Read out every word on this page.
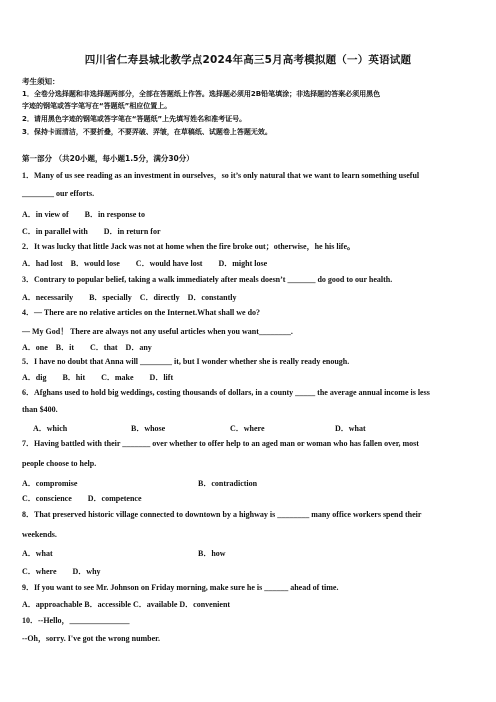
四川省仁寿县城北教学点2024年高三5月高考模拟题（一）英语试题
考生须知：
1．全卷分选择题和非选择题两部分，全部在答题纸上作答。选择题必须用2B铅笔填涂；非选择题的答案必须用黑色
字迹的钢笔或答字笔写在“答题纸”相应位置上。
2．请用黑色字迹的钢笔或答字笔在“答题纸”上先填写姓名和准考证号。
3．保持卡面清洁，不要折叠，不要弄破、弄皱，在草稿纸、试题卷上答题无效。
第一部分 （共20小题，每小题1.5分，满分30分）
1．Many of us see reading as an investment in ourselves，so it’s only natural that we want to learn something useful
________ our efforts.
A．in view of　　B．in response to
C．in parallel with　　D．in return for
2．It was lucky that little Jack was not at home when the fire broke out；otherwise，he his life。
A．had lost　B．would lose　　C．would have lost　　D．might lose
3．Contrary to popular belief, taking a walk immediately after meals doesn’t _______ do good to our health.
A．necessarily　　B．specially　C．directly　D．constantly
4．— There are no relative articles on the Internet.What shall we do?
— My God！ There are always not any useful articles when you want________.
A．one　B．it　　C．that　D．any
5．I have no doubt that Anna will ________ it, but I wonder whether she is really ready enough.
A．dig　　B．hit　　C．make　　D．lift
6．Afghans used to hold big weddings, costing thousands of dollars, in a county _____ the average annual income is less
than $400.
A．which	B．whose	C．where	D．what
7．Having battled with their _______ over whether to offer help to an aged man or woman who has fallen over, most
people choose to help.
A．compromise	B．contradiction
C．conscience　　D．competence
8．That preserved historic village connected to downtown by a highway is ________ many office workers spend their
weekends.
A．what	B．how
C．where　　D．why
9．If you want to see Mr. Johnson on Friday morning, make sure he is ______ ahead of time.
A．approachable B．accessible C．available D．convenient
10．--Hello，_______________
--Oh，sorry. I've got the wrong number.
